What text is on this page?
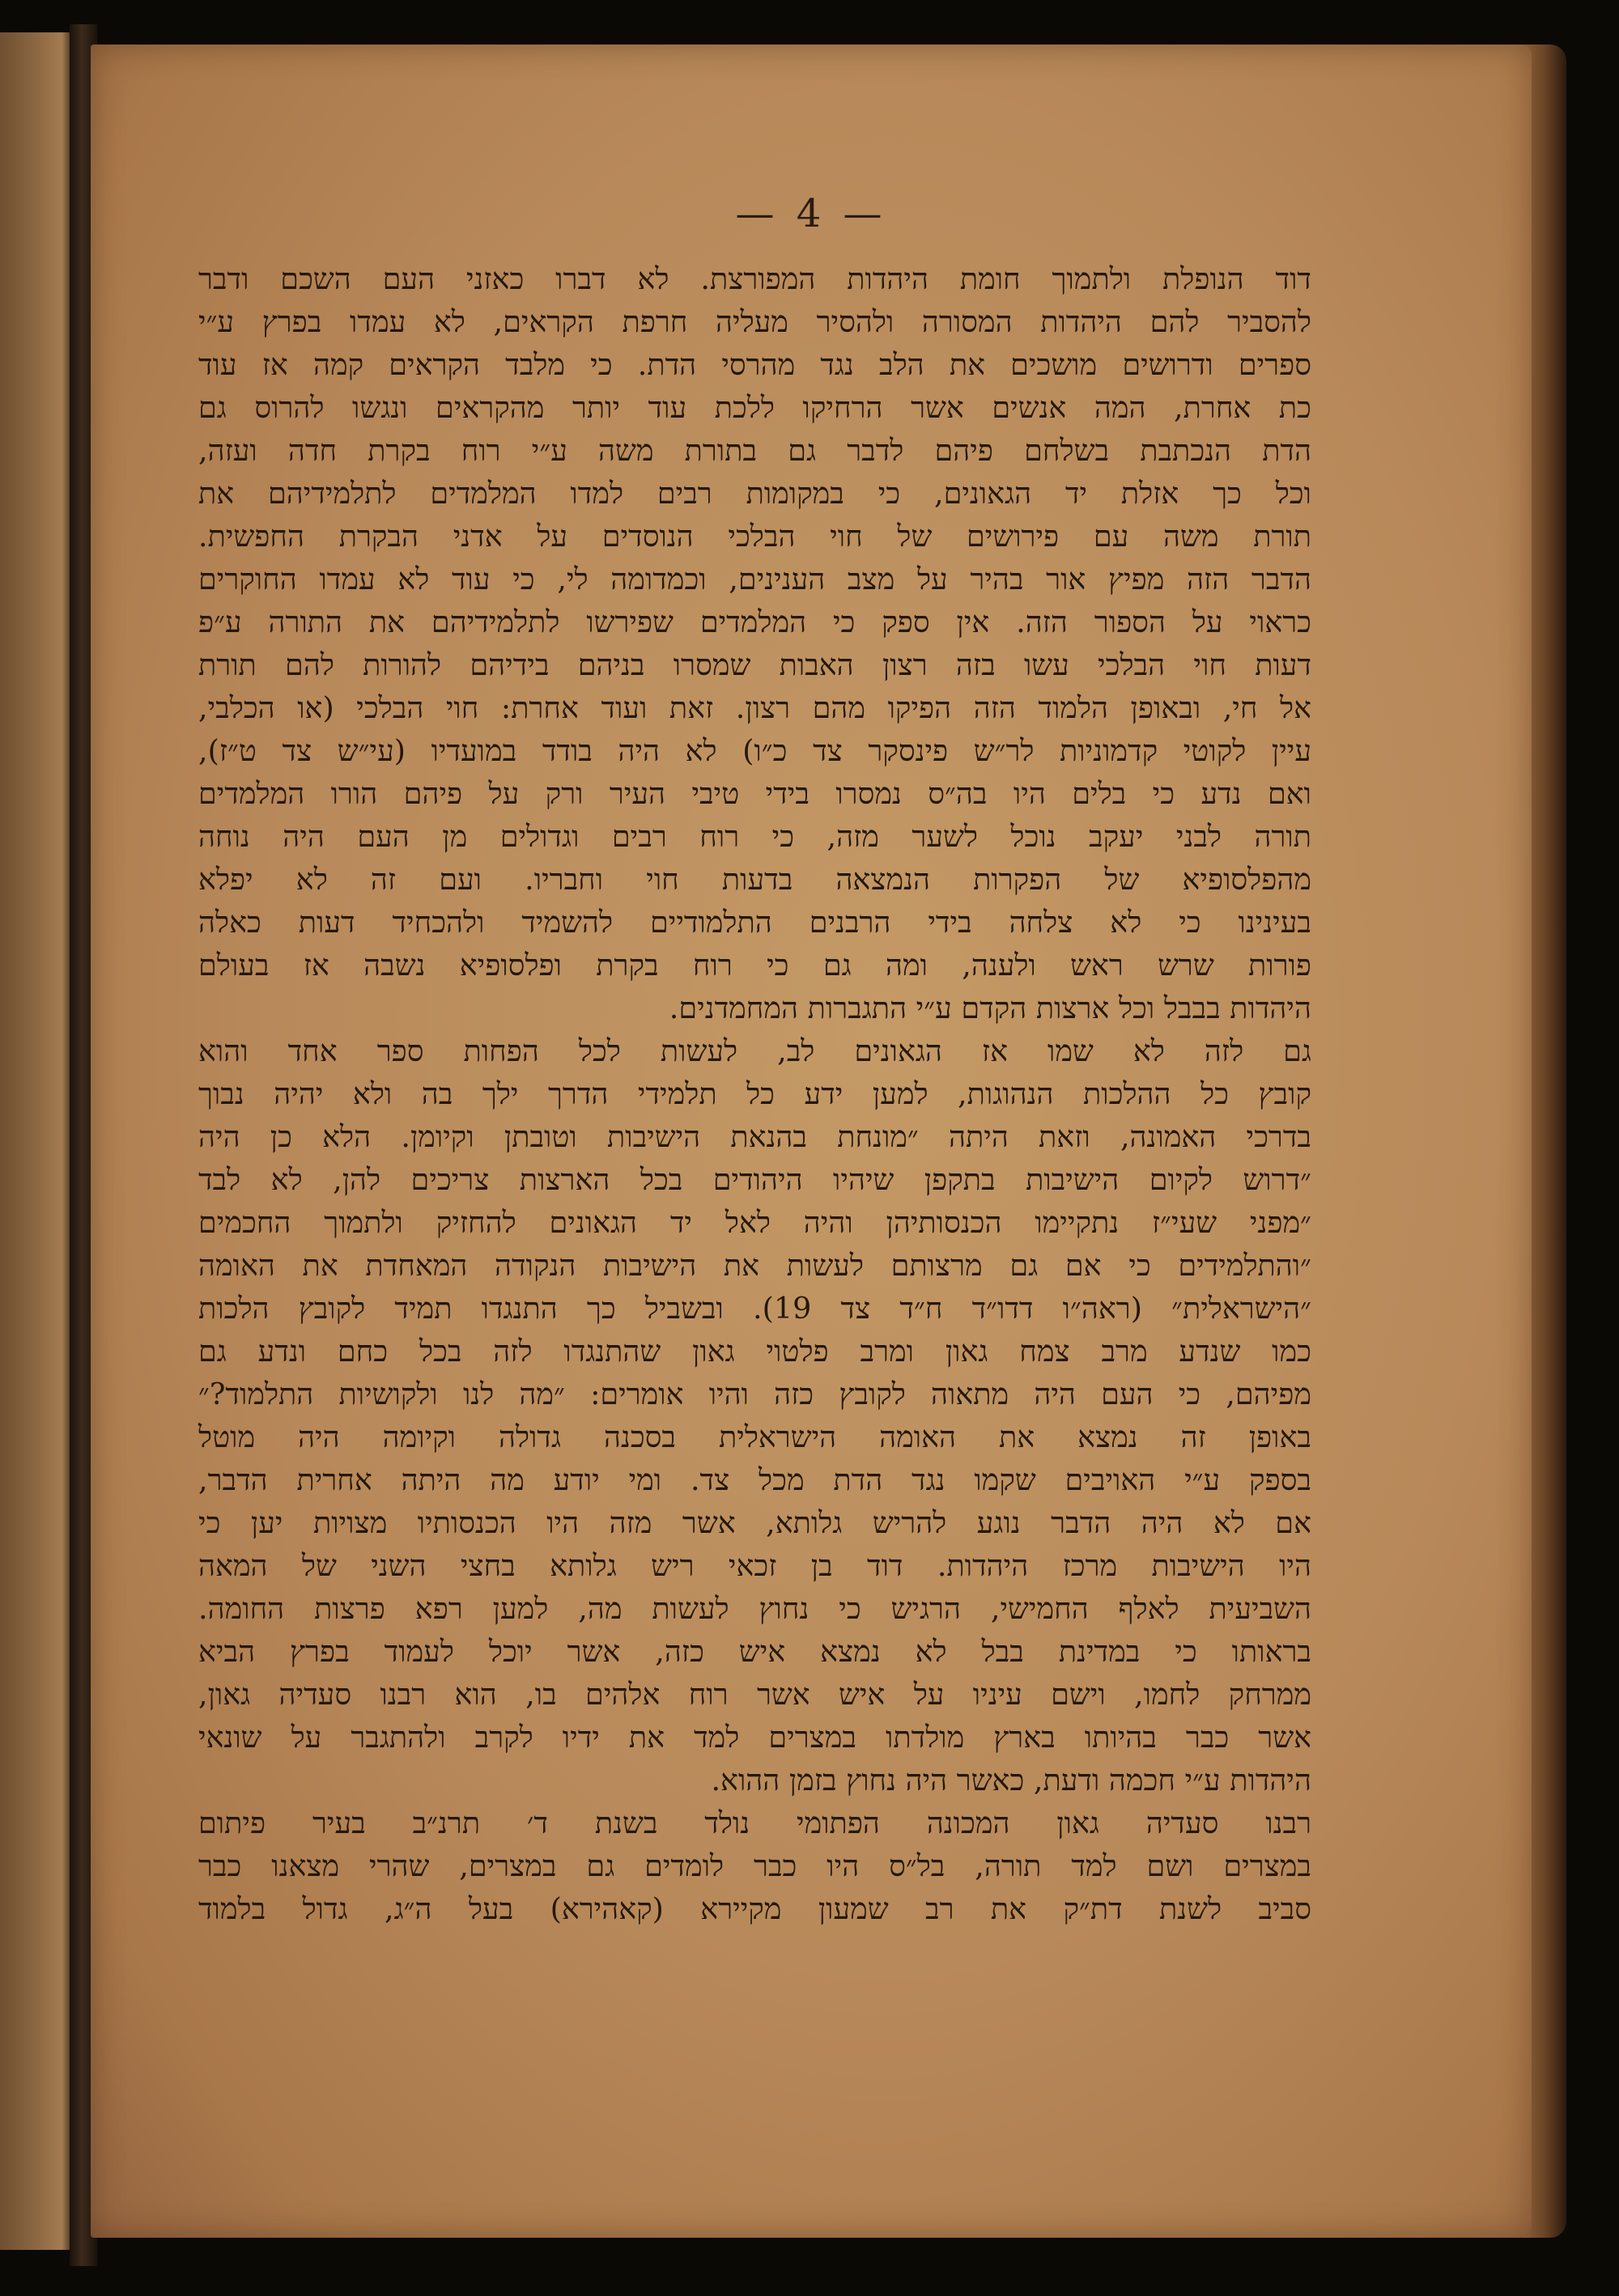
— 4 —
דוד הנופלת ולתמוך חומת היהדות המפורצת. לא דברו כאזני העם השכם ודבר
להסביר להם היהדות המסורה ולהסיר מעליה חרפת הקראים, לא עמדו בפרץ ע״י
ספרים ודרושים מושכים את הלב נגד מהרסי הדת. כי מלבד הקראים קמה אז עוד
כת אחרת, המה אנשים אשר הרחיקו ללכת עוד יותר מהקראים ונגשו להרוס גם
הדת הנכתבת בשלחם פיהם לדבר גם בתורת משה ע״י רוח בקרת חדה ועזה,
וכל כך אזלת יד הגאונים, כי במקומות רבים למדו המלמדים לתלמידיהם את
תורת משה עם פירושים של חוי הבלכי הנוסדים על אדני הבקרת החפשית.
הדבר הזה מפיץ אור בהיר על מצב הענינים, וכמדומה לי, כי עוד לא עמדו החוקרים
כראוי על הספור הזה. אין ספק כי המלמדים שפירשו לתלמידיהם את התורה ע״פ
דעות חוי הבלכי עשו בזה רצון האבות שמסרו בניהם בידיהם להורות להם תורת
אל חי, ובאופן הלמוד הזה הפיקו מהם רצון. זאת ועוד אחרת: חוי הבלכי (או הכלבי,
עיין לקוטי קדמוניות לר״ש פינסקר צד כ״ו) לא היה בודד במועדיו (עי״ש צד ט״ז),
ואם נדע כי בלים היו בה״ס נמסרו בידי טיבי העיר ורק על פיהם הורו המלמדים
תורה לבני יעקב נוכל לשער מזה, כי רוח רבים וגדולים מן העם היה נוחה
מהפלסופיא של הפקרות הנמצאה בדעות חוי וחבריו. ועם זה לא יפלא
בעינינו כי לא צלחה בידי הרבנים התלמודיים להשמיד ולהכחיד דעות כאלה
פורות שרש ראש ולענה, ומה גם כי רוח בקרת ופלסופיא נשבה אז בעולם
היהדות בבבל וכל ארצות הקדם ע״י התגברות המחמדנים.
גם לזה לא שמו אז הגאונים לב, לעשות לכל הפחות ספר אחד והוא
קובץ כל ההלכות הנהוגות, למען ידע כל תלמידי הדרך ילך בה ולא יהיה נבוך
בדרכי האמונה, וזאת היתה ״מונחת בהנאת הישיבות וטובתן וקיומן. הלא כן היה
״דרוש לקיום הישיבות בתקפן שיהיו היהודים בכל הארצות צריכים להן, לא לבד
״מפני שעי״ז נתקיימו הכנסותיהן והיה לאל יד הגאונים להחזיק ולתמוך החכמים
״והתלמידים כי אם גם מרצותם לעשות את הישיבות הנקודה המאחדת את האומה
״הישראלית״ (ראה״ו דדו״ד ח״ד צד 19). ובשביל כך התנגדו תמיד לקובץ הלכות
כמו שנדע מרב צמח גאון ומרב פלטוי גאון שהתנגדו לזה בכל כחם ונדע גם
מפיהם, כי העם היה מתאוה לקובץ כזה והיו אומרים: ״מה לנו ולקושיות התלמוד?״
באופן זה נמצא את האומה הישראלית בסכנה גדולה וקיומה היה מוטל
בספק ע״י האויבים שקמו נגד הדת מכל צד. ומי יודע מה היתה אחרית הדבר,
אם לא היה הדבר נוגע להריש גלותא, אשר מזה היו הכנסותיו מצויות יען כי
היו הישיבות מרכז היהדות. דוד בן זכאי ריש גלותא בחצי השני של המאה
השביעית לאלף החמישי, הרגיש כי נחוץ לעשות מה, למען רפא פרצות החומה.
בראותו כי במדינת בבל לא נמצא איש כזה, אשר יוכל לעמוד בפרץ הביא
ממרחק לחמו, וישם עיניו על איש אשר רוח אלהים בו, הוא רבנו סעדיה גאון,
אשר כבר בהיותו בארץ מולדתו במצרים למד את ידיו לקרב ולהתגבר על שונאי
היהדות ע״י חכמה ודעת, כאשר היה נחוץ בזמן ההוא.
רבנו סעדיה גאון המכונה הפתומי נולד בשנת ד׳ תרנ״ב בעיר פיתום
במצרים ושם למד תורה, בל״ס היו כבר לומדים גם במצרים, שהרי מצאנו כבר
סביב לשנת דת״ק את רב שמעון מקיירא (קאהירא) בעל ה״ג, גדול בלמוד
